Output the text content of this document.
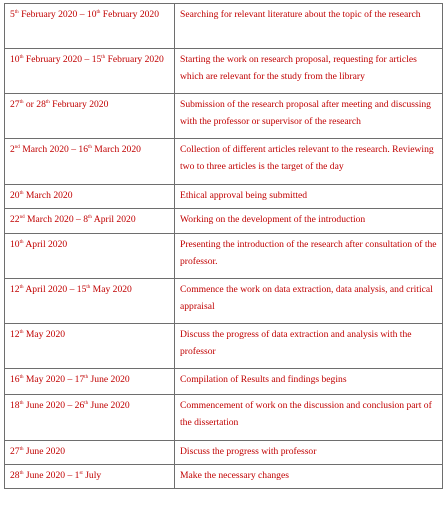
5th February 2020 – 10th February 2020	Searching for relevant literature about the topic of the research
10th February 2020 – 15th February 2020	Starting the work on research proposal, requesting for articles which are relevant for the study from the library
27th or 28th February 2020	Submission of the research proposal after meeting and discussing with the professor or supervisor of the research
2nd March 2020 – 16th March 2020	Collection of different articles relevant to the research. Reviewing two to three articles is the target of the day
20th March 2020	Ethical approval being submitted
22nd March 2020 – 8th April 2020	Working on the development of the introduction
10th April 2020	Presenting the introduction of the research after consultation of the professor.
12th April 2020 – 15th May 2020	Commence the work on data extraction, data analysis, and critical appraisal
12th May 2020	Discuss the progress of data extraction and analysis with the professor
16th May 2020 – 17th June 2020	Compilation of Results and findings begins
18th June 2020 – 26th June 2020	Commencement of work on the discussion and conclusion part of the dissertation
27th June 2020	Discuss the progress with professor
28th June 2020 – 1st July	Make the necessary changes
